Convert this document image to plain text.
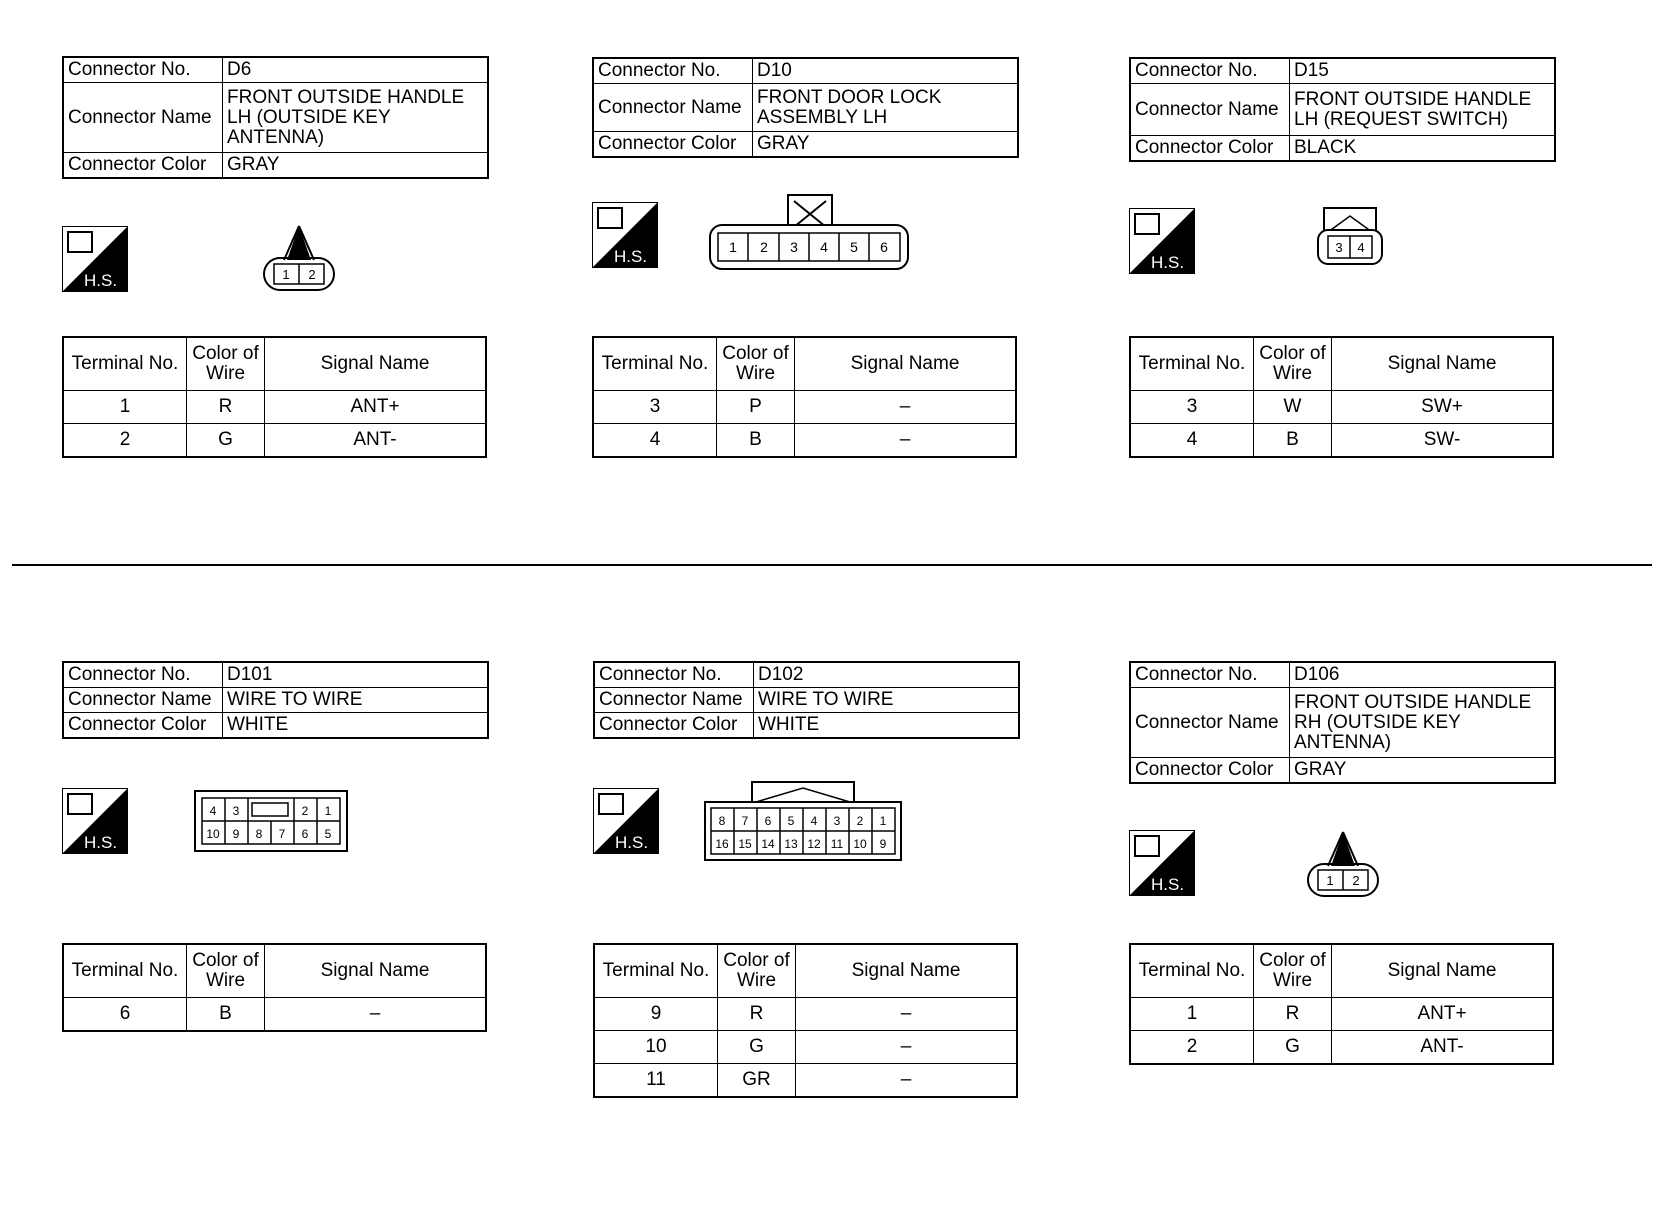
Connector No.	D6
Connector Name	FRONT OUTSIDE HANDLE LH (OUTSIDE KEY ANTENNA)
Connector Color	GRAY
H.S.	1 2
Terminal No.	Color of Wire	Signal Name
1	R	ANT+
2	G	ANT-
Connector No.	D10
Connector Name	FRONT DOOR LOCK ASSEMBLY LH
Connector Color	GRAY
H.S.	1 2 3 4 5 6
Terminal No.	Color of Wire	Signal Name
3	P	–
4	B	–
Connector No.	D15
Connector Name	FRONT OUTSIDE HANDLE LH (REQUEST SWITCH)
Connector Color	BLACK
H.S.
3 4
Terminal No.	Color of Wire	Signal Name
3	W	SW+
4	B	SW-
Connector No.	D101
Connector Name	WIRE TO WIRE
Connector Color	WHITE
H.S.
4 3	2 1
10 9 8 7 6 5
Terminal No.	Color of Wire	Signal Name
6	B	–
Connector No.	D102
Connector Name	WIRE TO WIRE
Connector Color	WHITE
H.S.
8 7 6 5 4 3 2 1
16 15 14 13 12 11 10 9
Terminal No.	Color of Wire	Signal Name
9	R	–
10	G	–
11	GR	–
Connector No.	D106
Connector Name	FRONT OUTSIDE HANDLE RH (OUTSIDE KEY ANTENNA)
Connector Color	GRAY
H.S.	1 2
Terminal No.	Color of Wire	Signal Name
1	R	ANT+
2	G	ANT-
